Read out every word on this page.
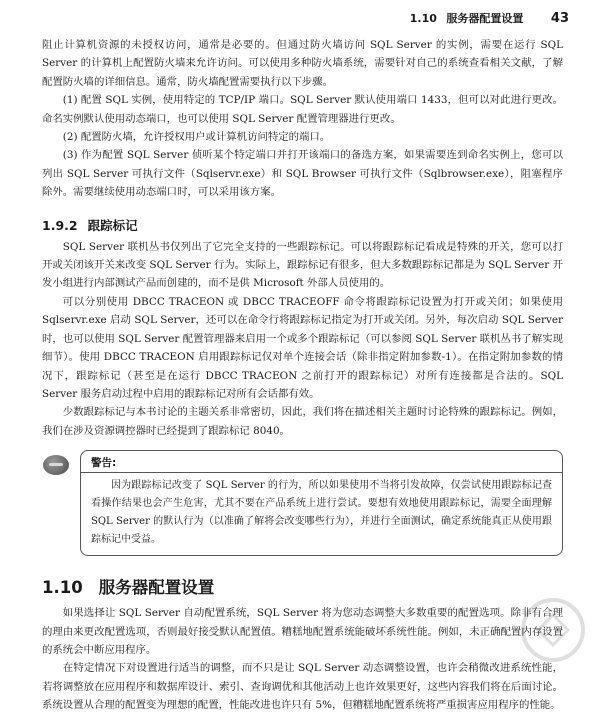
1.10 服务器配置设置 43

阻止计算机资源的未授权访问，通常是必要的。但通过防火墙访问 SQL Server 的实例，需要在运行 SQL Server 的计算机上配置防火墙来允许访问。可以使用多种防火墙系统，需要针对自己的系统查看相关文献，了解配置防火墙的详细信息。通常，防火墙配置需要执行以下步骤。

(1) 配置 SQL 实例，使用特定的 TCP/IP 端口。SQL Server 默认使用端口 1433，但可以对此进行更改。命名实例默认使用动态端口，也可以使用 SQL Server 配置管理器进行更改。

(2) 配置防火墙，允许授权用户或计算机访问特定的端口。

(3) 作为配置 SQL Server 侦听某个特定端口并打开该端口的备选方案，如果需要连到命名实例上，您可以列出 SQL Server 可执行文件（Sqlservr.exe）和 SQL Browser 可执行文件（Sqlbrowser.exe），阻塞程序除外。需要继续使用动态端口时，可以采用该方案。

1.9.2 跟踪标记

SQL Server 联机丛书仅列出了它完全支持的一些跟踪标记。可以将跟踪标记看成是特殊的开关，您可以打开或关闭该开关来改变 SQL Server 行为。实际上，跟踪标记有很多，但大多数跟踪标记都是为 SQL Server 开发小组进行内部测试产品而创建的，而不是供 Microsoft 外部人员使用的。

可以分别使用 DBCC TRACEON 或 DBCC TRACEOFF 命令将跟踪标记设置为打开或关闭；如果使用 Sqlservr.exe 启动 SQL Server，还可以在命令行将跟踪标记指定为打开或关闭。另外，每次启动 SQL Server 时，也可以使用 SQL Server 配置管理器来启用一个或多个跟踪标记（可以参阅 SQL Server 联机丛书了解实现细节）。使用 DBCC TRACEON 启用跟踪标记仅对单个连接会话（除非指定附加参数-1）。在指定附加参数的情况下，跟踪标记（甚至是在运行 DBCC TRACEON 之前打开的跟踪标记）对所有连接都是合法的。SQL Server 服务启动过程中启用的跟踪标记对所有会话都有效。

少数跟踪标记与本书讨论的主题关系非常密切，因此，我们将在描述相关主题时讨论特殊的跟踪标记。例如，我们在涉及资源调控器时已经提到了跟踪标记 8040。

警告:

因为跟踪标记改变了 SQL Server 的行为，所以如果使用不当将引发故障，仅尝试使用跟踪标记查看操作结果也会产生危害，尤其不要在产品系统上进行尝试。要想有效地使用跟踪标记，需要全面理解 SQL Server 的默认行为（以准确了解将会改变哪些行为），并进行全面测试，确定系统能真正从使用跟踪标记中受益。

1.10 服务器配置设置

如果选择让 SQL Server 自动配置系统，SQL Server 将为您动态调整大多数重要的配置选项。除非有合理的理由来更改配置选项，否则最好接受默认配置值。糟糕地配置系统能破坏系统性能。例如，未正确配置内存设置的系统会中断应用程序。

在特定情况下对设置进行适当的调整，而不只是让 SQL Server 动态调整设置，也许会稍微改进系统性能，若将调整放在应用程序和数据库设计、索引、查询调优和其他活动上也许效果更好，这些内容我们将在后面讨论。系统设置从合理的配置变为理想的配置，性能改进也许只有 5%，但糟糕地配置系统将严重损害应用程序的性能。
